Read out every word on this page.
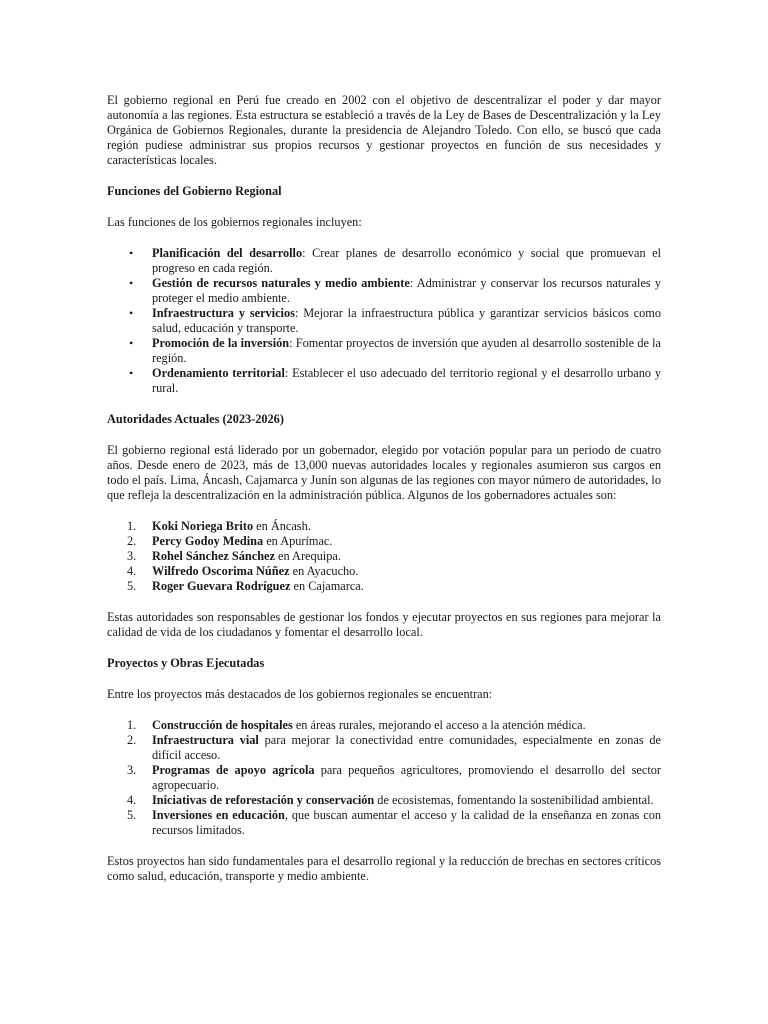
El gobierno regional en Perú fue creado en 2002 con el objetivo de descentralizar el poder y dar mayor autonomía a las regiones. Esta estructura se estableció a través de la Ley de Bases de Descentralización y la Ley Orgánica de Gobiernos Regionales, durante la presidencia de Alejandro Toledo. Con ello, se buscó que cada región pudiese administrar sus propios recursos y gestionar proyectos en función de sus necesidades y características locales.

Funciones del Gobierno Regional

Las funciones de los gobiernos regionales incluyen:

• Planificación del desarrollo: Crear planes de desarrollo económico y social que promuevan el progreso en cada región.
• Gestión de recursos naturales y medio ambiente: Administrar y conservar los recursos naturales y proteger el medio ambiente.
• Infraestructura y servicios: Mejorar la infraestructura pública y garantizar servicios básicos como salud, educación y transporte.
• Promoción de la inversión: Fomentar proyectos de inversión que ayuden al desarrollo sostenible de la región.
• Ordenamiento territorial: Establecer el uso adecuado del territorio regional y el desarrollo urbano y rural.
Autoridades Actuales (2023-2026)

El gobierno regional está liderado por un gobernador, elegido por votación popular para un periodo de cuatro años. Desde enero de 2023, más de 13,000 nuevas autoridades locales y regionales asumieron sus cargos en todo el país. Lima, Áncash, Cajamarca y Junín son algunas de las regiones con mayor número de autoridades, lo que refleja la descentralización en la administración pública. Algunos de los gobernadores actuales son:

1. Koki Noriega Brito en Áncash.
2. Percy Godoy Medina en Apurímac.
3. Rohel Sánchez Sánchez en Arequipa.
4. Wilfredo Oscorima Núñez en Ayacucho.
5. Roger Guevara Rodríguez en Cajamarca.

Estas autoridades son responsables de gestionar los fondos y ejecutar proyectos en sus regiones para mejorar la calidad de vida de los ciudadanos y fomentar el desarrollo local.

Proyectos y Obras Ejecutadas

Entre los proyectos más destacados de los gobiernos regionales se encuentran:

1. Construcción de hospitales en áreas rurales, mejorando el acceso a la atención médica.
2. Infraestructura vial para mejorar la conectividad entre comunidades, especialmente en zonas de difícil acceso.
3. Programas de apoyo agrícola para pequeños agricultores, promoviendo el desarrollo del sector agropecuario.
4. Iniciativas de reforestación y conservación de ecosistemas, fomentando la sostenibilidad ambiental.
5. Inversiones en educación, que buscan aumentar el acceso y la calidad de la enseñanza en zonas con recursos limitados.

Estos proyectos han sido fundamentales para el desarrollo regional y la reducción de brechas en sectores críticos como salud, educación, transporte y medio ambiente.
